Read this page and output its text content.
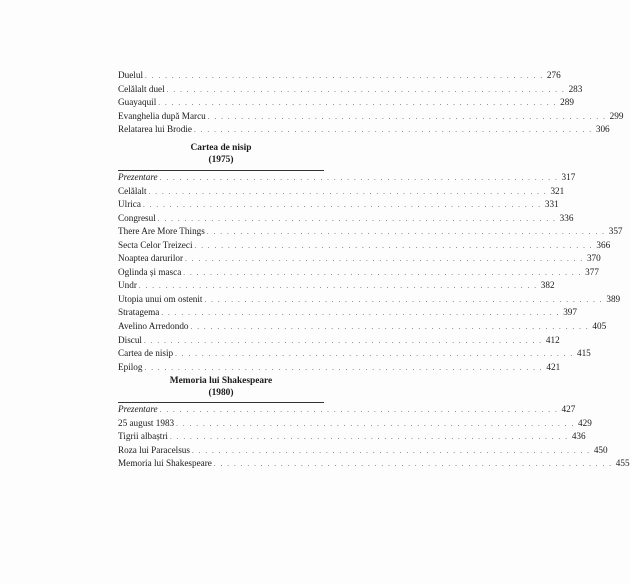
Duelul . . . . . . . . . . . . . . . . . . . . . . . . . . . . . . . . . . . . . . . . . . . . . . . . . . . . . . . . . . . . 276
Celălalt duel . . . . . . . . . . . . . . . . . . . . . . . . . . . . . . . . . . . . . . . . . . . . . . . . . . . . . . . . . . . . 283
Guayaquil . . . . . . . . . . . . . . . . . . . . . . . . . . . . . . . . . . . . . . . . . . . . . . . . . . . . . . . . . . . . 289
Evanghelia după Marcu . . . . . . . . . . . . . . . . . . . . . . . . . . . . . . . . . . . . . . . . . . . . . . . . . . . . . . . . . . . . 299
Relatarea lui Brodie . . . . . . . . . . . . . . . . . . . . . . . . . . . . . . . . . . . . . . . . . . . . . . . . . . . . . . . . . . . . 306
Cartea de nisip
(1975)
Prezentare . . . . . . . . . . . . . . . . . . . . . . . . . . . . . . . . . . . . . . . . . . . . . . . . . . . . . . . . . . . . 317
Celălalt . . . . . . . . . . . . . . . . . . . . . . . . . . . . . . . . . . . . . . . . . . . . . . . . . . . . . . . . . . . . 321
Ulrica . . . . . . . . . . . . . . . . . . . . . . . . . . . . . . . . . . . . . . . . . . . . . . . . . . . . . . . . . . . . 331
Congresul . . . . . . . . . . . . . . . . . . . . . . . . . . . . . . . . . . . . . . . . . . . . . . . . . . . . . . . . . . . . 336
There Are More Things . . . . . . . . . . . . . . . . . . . . . . . . . . . . . . . . . . . . . . . . . . . . . . . . . . . . . . . . . . . . 357
Secta Celor Treizeci . . . . . . . . . . . . . . . . . . . . . . . . . . . . . . . . . . . . . . . . . . . . . . . . . . . . . . . . . . . . 366
Noaptea darurilor . . . . . . . . . . . . . . . . . . . . . . . . . . . . . . . . . . . . . . . . . . . . . . . . . . . . . . . . . . . . 370
Oglinda și masca . . . . . . . . . . . . . . . . . . . . . . . . . . . . . . . . . . . . . . . . . . . . . . . . . . . . . . . . . . . . 377
Undr . . . . . . . . . . . . . . . . . . . . . . . . . . . . . . . . . . . . . . . . . . . . . . . . . . . . . . . . . . . . 382
Utopia unui om ostenit . . . . . . . . . . . . . . . . . . . . . . . . . . . . . . . . . . . . . . . . . . . . . . . . . . . . . . . . . . . . 389
Stratagema . . . . . . . . . . . . . . . . . . . . . . . . . . . . . . . . . . . . . . . . . . . . . . . . . . . . . . . . . . . . 397
Avelino Arredondo . . . . . . . . . . . . . . . . . . . . . . . . . . . . . . . . . . . . . . . . . . . . . . . . . . . . . . . . . . . . 405
Discul . . . . . . . . . . . . . . . . . . . . . . . . . . . . . . . . . . . . . . . . . . . . . . . . . . . . . . . . . . . . 412
Cartea de nisip . . . . . . . . . . . . . . . . . . . . . . . . . . . . . . . . . . . . . . . . . . . . . . . . . . . . . . . . . . . . 415
Epilog . . . . . . . . . . . . . . . . . . . . . . . . . . . . . . . . . . . . . . . . . . . . . . . . . . . . . . . . . . . . 421
Memoria lui Shakespeare
(1980)
Prezentare . . . . . . . . . . . . . . . . . . . . . . . . . . . . . . . . . . . . . . . . . . . . . . . . . . . . . . . . . . . . 427
25 august 1983 . . . . . . . . . . . . . . . . . . . . . . . . . . . . . . . . . . . . . . . . . . . . . . . . . . . . . . . . . . . . 429
Tigrii albaștri . . . . . . . . . . . . . . . . . . . . . . . . . . . . . . . . . . . . . . . . . . . . . . . . . . . . . . . . . . . . 436
Roza lui Paracelsus . . . . . . . . . . . . . . . . . . . . . . . . . . . . . . . . . . . . . . . . . . . . . . . . . . . . . . . . . . . . 450
Memoria lui Shakespeare . . . . . . . . . . . . . . . . . . . . . . . . . . . . . . . . . . . . . . . . . . . . . . . . . . . . . . . . . . . . 455
